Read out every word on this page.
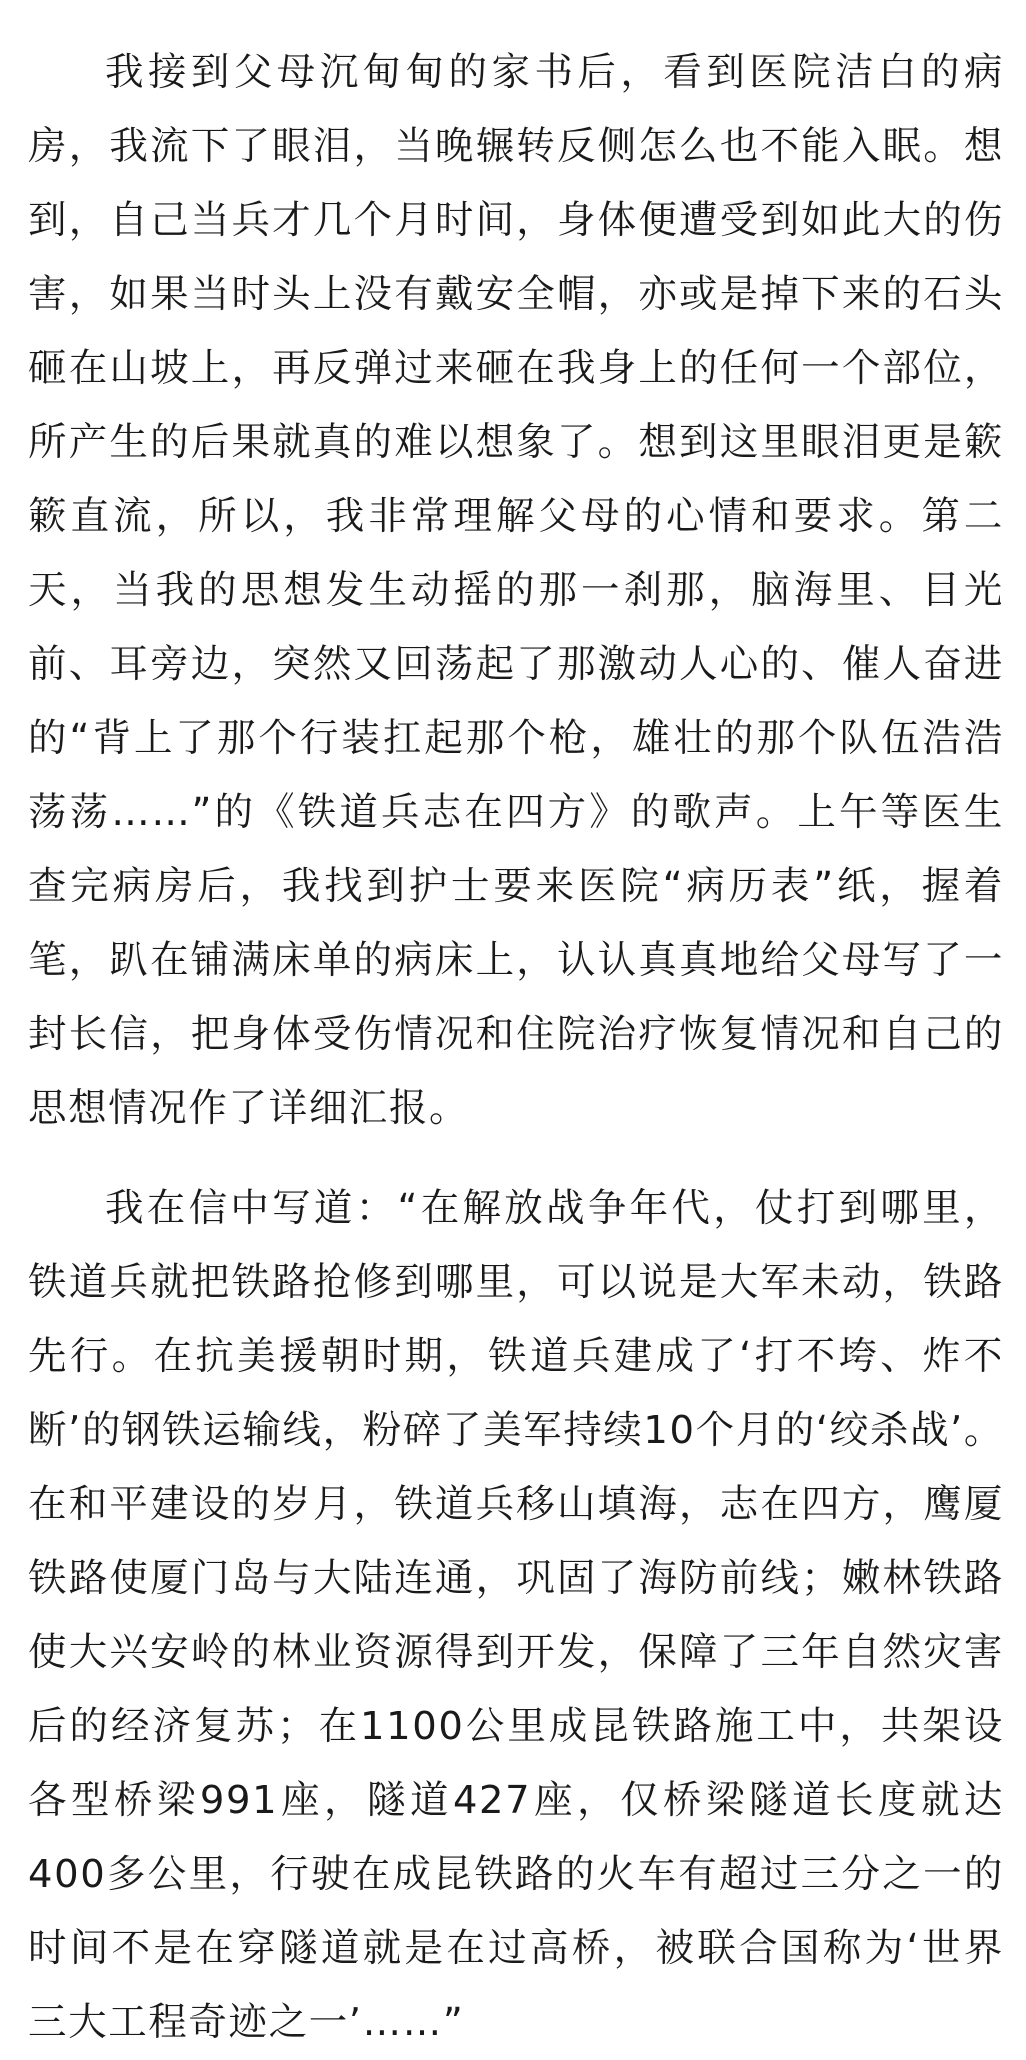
我接到父母沉甸甸的家书后，看到医院洁白的病房，我流下了眼泪，当晚辗转反侧怎么也不能入眠。想到，自己当兵才几个月时间，身体便遭受到如此大的伤害，如果当时头上没有戴安全帽，亦或是掉下来的石头砸在山坡上，再反弹过来砸在我身上的任何一个部位，所产生的后果就真的难以想象了。想到这里眼泪更是簌簌直流，所以，我非常理解父母的心情和要求。第二天，当我的思想发生动摇的那一刹那，脑海里、目光前、耳旁边，突然又回荡起了那激动人心的、催人奋进的“背上了那个行装扛起那个枪，雄壮的那个队伍浩浩荡荡……”的《铁道兵志在四方》的歌声。上午等医生查完病房后，我找到护士要来医院“病历表”纸，握着笔，趴在铺满床单的病床上，认认真真地给父母写了一封长信，把身体受伤情况和住院治疗恢复情况和自己的思想情况作了详细汇报。

我在信中写道：“在解放战争年代，仗打到哪里，铁道兵就把铁路抢修到哪里，可以说是大军未动，铁路先行。在抗美援朝时期，铁道兵建成了‘打不垮、炸不断’的钢铁运输线，粉碎了美军持续10个月的‘绞杀战’。在和平建设的岁月，铁道兵移山填海，志在四方，鹰厦铁路使厦门岛与大陆连通，巩固了海防前线；嫩林铁路使大兴安岭的林业资源得到开发，保障了三年自然灾害后的经济复苏；在1100公里成昆铁路施工中，共架设各型桥梁991座，隧道427座，仅桥梁隧道长度就达400多公里，行驶在成昆铁路的火车有超过三分之一的时间不是在穿隧道就是在过高桥，被联合国称为‘世界三大工程奇迹之一’……”
